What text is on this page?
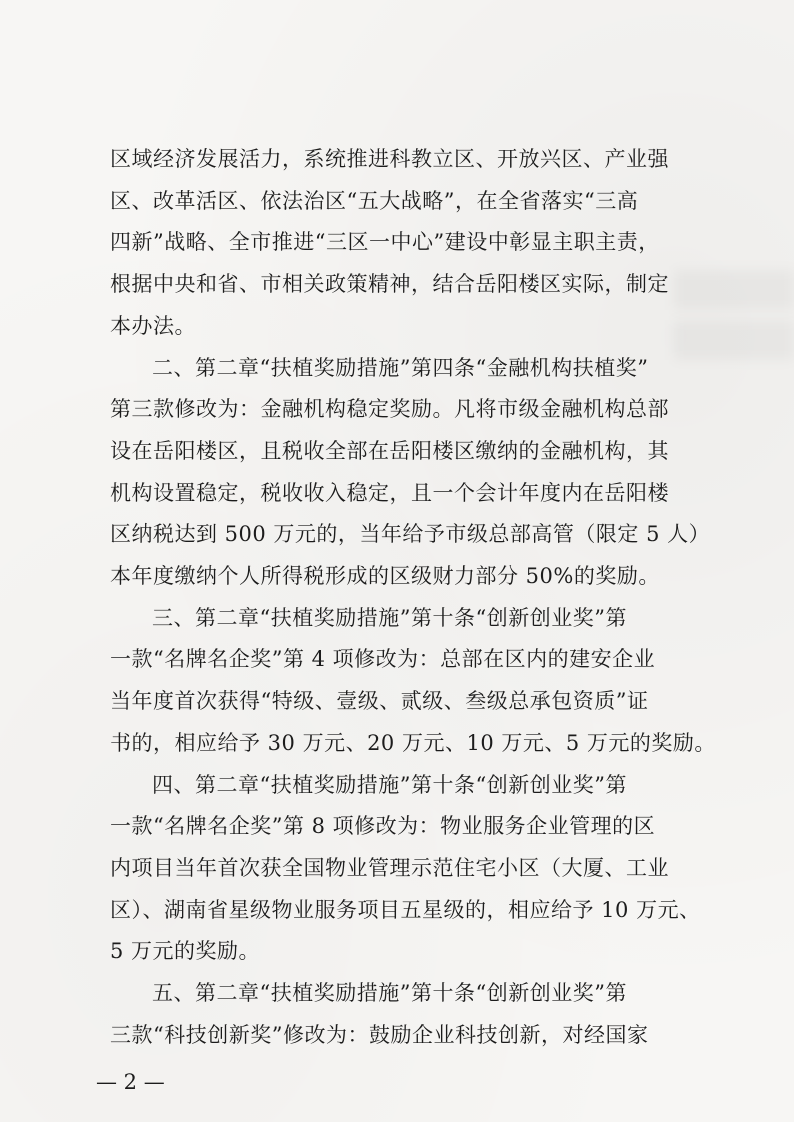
区域经济发展活力，系统推进科教立区、开放兴区、产业强
区、改革活区、依法治区“五大战略”，在全省落实“三高
四新”战略、全市推进“三区一中心”建设中彰显主职主责，
根据中央和省、市相关政策精神，结合岳阳楼区实际，制定
本办法。
二、第二章“扶植奖励措施”第四条“金融机构扶植奖”
第三款修改为：金融机构稳定奖励。凡将市级金融机构总部
设在岳阳楼区，且税收全部在岳阳楼区缴纳的金融机构，其
机构设置稳定，税收收入稳定，且一个会计年度内在岳阳楼
区纳税达到 500 万元的，当年给予市级总部高管（限定 5 人）
本年度缴纳个人所得税形成的区级财力部分 50%的奖励。
三、第二章“扶植奖励措施”第十条“创新创业奖”第
一款“名牌名企奖”第 4 项修改为：总部在区内的建安企业
当年度首次获得“特级、壹级、贰级、叁级总承包资质”证
书的，相应给予 30 万元、20 万元、10 万元、5 万元的奖励。
四、第二章“扶植奖励措施”第十条“创新创业奖”第
一款“名牌名企奖”第 8 项修改为：物业服务企业管理的区
内项目当年首次获全国物业管理示范住宅小区（大厦、工业
区）、湖南省星级物业服务项目五星级的，相应给予 10 万元、
5 万元的奖励。
五、第二章“扶植奖励措施”第十条“创新创业奖”第
三款“科技创新奖”修改为：鼓励企业科技创新，对经国家
— 2 —
